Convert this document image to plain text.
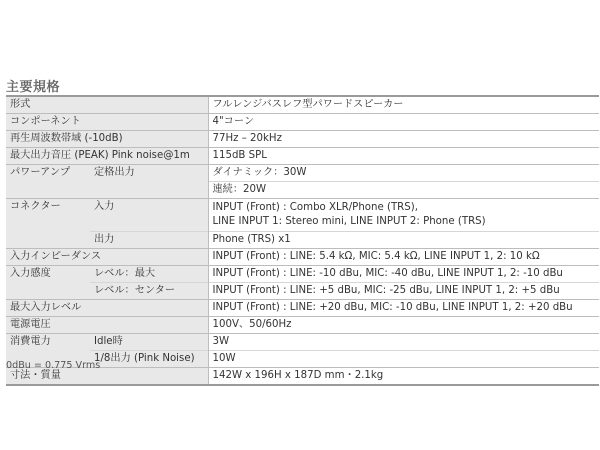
主要規格
形式		フルレンジバスレフ型パワードスピーカー
コンポーネント		4"コーン
再生周波数帯域 (-10dB)		77Hz – 20kHz
最大出力音圧 (PEAK) Pink noise@1m		115dB SPL
パワーアンプ	定格出力	ダイナミック：30W
		連続：20W
コネクター	入力	INPUT (Front) : Combo XLR/Phone (TRS),
LINE INPUT 1: Stereo mini, LINE INPUT 2: Phone (TRS)

	出力	Phone (TRS) x1
入力インピーダンス		INPUT (Front) : LINE: 5.4 kΩ, MIC: 5.4 kΩ, LINE INPUT 1, 2: 10 kΩ
入力感度	レベル：最大	INPUT (Front) : LINE: -10 dBu, MIC: -40 dBu, LINE INPUT 1, 2: -10 dBu
	レベル：センター	INPUT (Front) : LINE: +5 dBu, MIC: -25 dBu, LINE INPUT 1, 2: +5 dBu
最大入力レベル		INPUT (Front) : LINE: +20 dBu, MIC: -10 dBu, LINE INPUT 1, 2: +20 dBu
電源電圧		100V、50/60Hz
消費電力	Idle時	3W
	1/8出力 (Pink Noise)	10W
寸法・質量		142W x 196H x 187D mm・2.1kg
0dBu = 0.775 Vrms
